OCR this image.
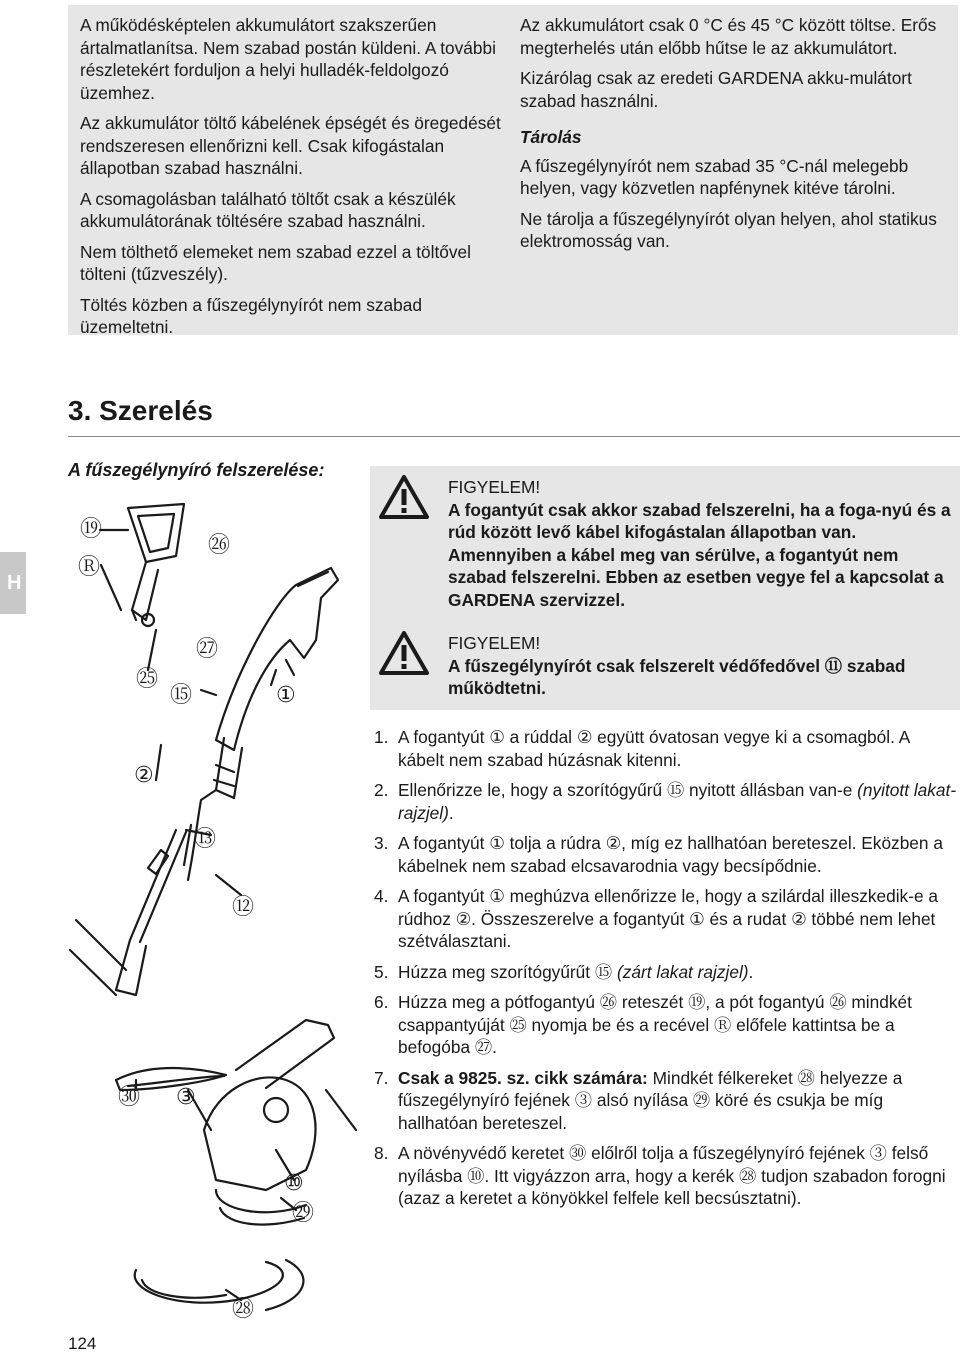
A működésképtelen akkumulátort szakszerűen ártalmatlanítsa. Nem szabad postán küldeni. A további részletekért forduljon a helyi hulladék-feldolgozó üzemhez.

Az akkumulátor töltő kábelének épségét és öregedését rendszeresen ellenőrizni kell. Csak kifogástalan állapotban szabad használni.

A csomagolásban található töltőt csak a készülék akkumulátorának töltésére szabad használni.

Nem tölthető elemeket nem szabad ezzel a töltővel tölteni (tűzveszély).

Töltés közben a fűszegélynyírót nem szabad üzemeltetni.

Az akkumulátort csak 0 °C és 45 °C között töltse. Erős megterhelés után előbb hűtse le az akkumulátort.

Kizárólag csak az eredeti GARDENA akku-mulátort szabad használni.

Tárolás

A fűszegélynyírót nem szabad 35 °C-nál melegebb helyen, vagy közvetlen napfénynek kitéve tárolni.

Ne tárolja a fűszegélynyírót olyan helyen, ahol statikus elektromosság van.

3. Szerelés
A fűszegélynyíró felszerelése:
H
FIGYELEM!
A fogantyút csak akkor szabad felszerelni, ha a foga-nyú és a rúd között levő kábel kifogástalan állapotban van. Amennyiben a kábel meg van sérülve, a fogantyút nem szabad felszerelni. Ebben az esetben vegye fel a kapcsolat a GARDENA szervizzel.
FIGYELEM!
A fűszegélynyírót csak felszerelt védőfedővel ⑪ szabad működtetni.
1. A fogantyút ① a rúddal ② együtt óvatosan vegye ki a csomagból. A kábelt nem szabad húzásnak kitenni.
2. Ellenőrizze le, hogy a szorítógyűrű ⑮ nyitott állásban van-e (nyitott lakat-rajzjel).
3. A fogantyút ① tolja a rúdra ②, míg ez hallhatóan bereteszel. Eközben a kábelnek nem szabad elcsavarodnia vagy becsípődnie.
4. A fogantyút ① meghúzva ellenőrizze le, hogy a szilárdal illeszkedik-e a rúdhoz ②. Összeszerelve a fogantyút ① és a rudat ② többé nem lehet szétválasztani.
5. Húzza meg szorítógyűrűt ⑮ (zárt lakat rajzjel).
6. Húzza meg a pótfogantyú ㉖ reteszét ⑲, a pót fogantyú ㉖ mindkét csappantyúját ㉕ nyomja be és a recével Ⓡ előfele kattintsa be a befogóba ㉗.
7. Csak a 9825. sz. cikk számára: Mindkét félkereket ㉘ helyezze a fűszegélynyíró fejének ③ alsó nyílása ㉙ köré és csukja be míg hallhatóan bereteszel.
8. A növényvédő keretet ㉚ előlről tolja a fűszegélynyíró fejének ③ felső nyílásba ⑩. Itt vigyázzon arra, hogy a kerék ㉘ tudjon szabadon forogni (azaz a keretet a könyökkel felfele kell becsúsztatni).
⑲
Ⓡ
㉖
㉗
㉕
⑮	①
②
⑬
⑫
㉚ ③
⑩
㉙
㉘
124
